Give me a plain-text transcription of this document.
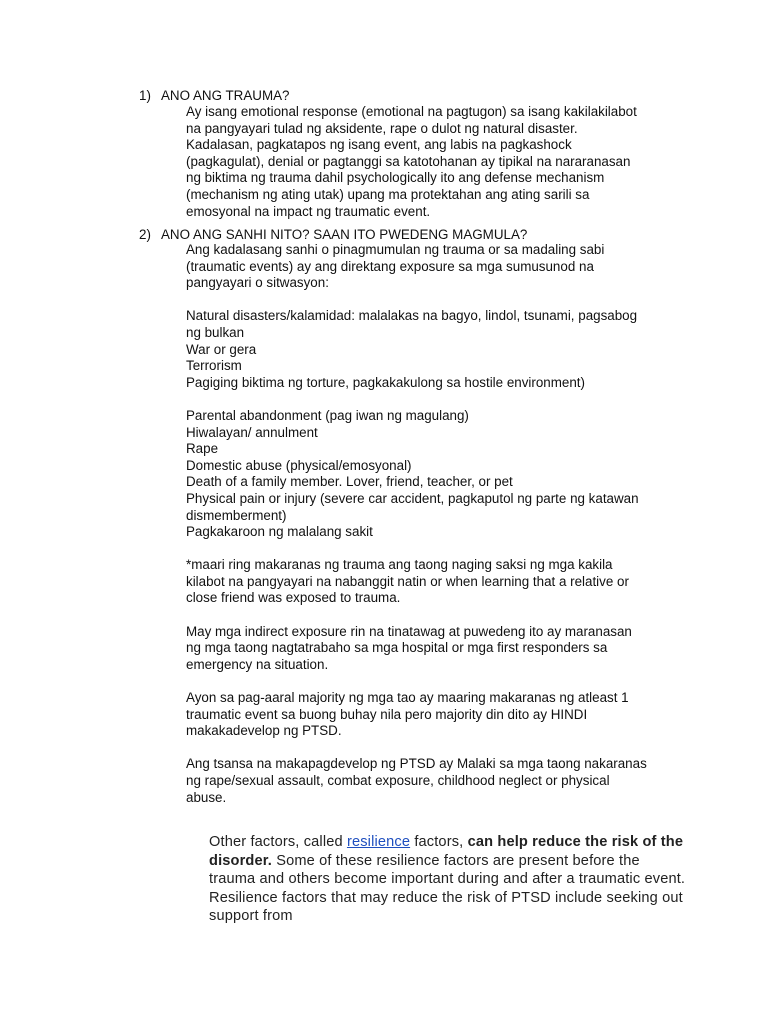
1) ANO ANG TRAUMA?

Ay isang emotional response (emotional na pagtugon) sa isang kakilakilabot

na pangyayari tulad ng aksidente, rape o dulot ng natural disaster.

Kadalasan, pagkatapos ng isang event, ang labis na pagkashock

(pagkagulat), denial or pagtanggi sa katotohanan ay tipikal na nararanasan

ng biktima ng trauma dahil psychologically ito ang defense mechanism

(mechanism ng ating utak) upang ma protektahan ang ating sarili sa

emosyonal na impact ng traumatic event.

2) ANO ANG SANHI NITO? SAAN ITO PWEDENG MAGMULA?

Ang kadalasang sanhi o pinagmumulan ng trauma or sa madaling sabi

(traumatic events) ay ang direktang exposure sa mga sumusunod na

pangyayari o sitwasyon:

Natural disasters/kalamidad: malalakas na bagyo, lindol, tsunami, pagsabog

ng bulkan

War or gera

Terrorism

Pagiging biktima ng torture, pagkakakulong sa hostile environment)

Parental abandonment (pag iwan ng magulang)

Hiwalayan/ annulment

Rape

Domestic abuse (physical/emosyonal)

Death of a family member. Lover, friend, teacher, or pet

Physical pain or injury (severe car accident, pagkaputol ng parte ng katawan

dismemberment)

Pagkakaroon ng malalang sakit

*maari ring makaranas ng trauma ang taong naging saksi ng mga kakila

kilabot na pangyayari na nabanggit natin or when learning that a relative or

close friend was exposed to trauma.

May mga indirect exposure rin na tinatawag at puwedeng ito ay maranasan

ng mga taong nagtatrabaho sa mga hospital or mga first responders sa

emergency na situation.

Ayon sa pag-aaral majority ng mga tao ay maaring makaranas ng atleast 1

traumatic event sa buong buhay nila pero majority din dito ay HINDI

makakadevelop ng PTSD.

Ang tsansa na makapagdevelop ng PTSD ay Malaki sa mga taong nakaranas

ng rape/sexual assault, combat exposure, childhood neglect or physical

abuse.

Other factors, called resilience factors, can help reduce the risk of the disorder. Some of these resilience factors are present before the trauma and others become important during and after a traumatic event. Resilience factors that may reduce the risk of PTSD include seeking out support from
